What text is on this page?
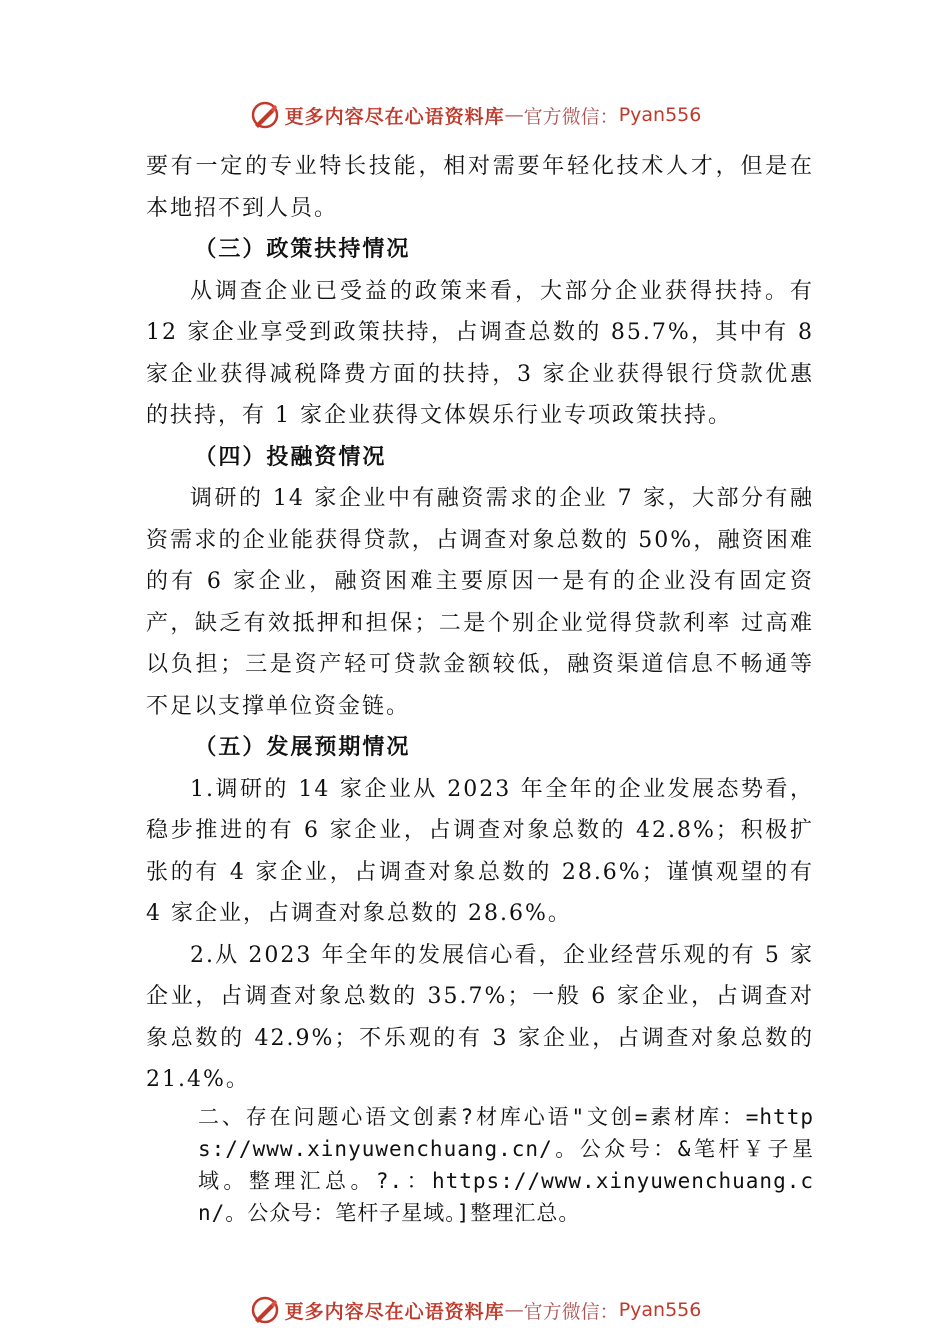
更多内容尽在心语资料库 — 官方微信： Pyan556

要有一定的专业特长技能，相对需要年轻化技术人才，但是在本地招不到人员。

（三）政策扶持情况

从调查企业已受益的政策来看，大部分企业获得扶持。有 12 家企业享受到政策扶持，占调查总数的 85.7%，其中有 8 家企业获得减税降费方面的扶持，3 家企业获得银行贷款优惠的扶持，有 1 家企业获得文体娱乐行业专项政策扶持。

（四）投融资情况

调研的 14 家企业中有融资需求的企业 7 家，大部分有融资需求的企业能获得贷款，占调查对象总数的 50%，融资困难的有 6 家企业，融资困难主要原因一是有的企业没有固定资产，缺乏有效抵押和担保；二是个别企业觉得贷款利率 过高难以负担；三是资产轻可贷款金额较低，融资渠道信息不畅通等不足以支撑单位资金链。

（五）发展预期情况

1.调研的 14 家企业从 2023 年全年的企业发展态势看，稳步推进的有 6 家企业，占调查对象总数的 42.8%；积极扩张的有 4 家企业，占调查对象总数的 28.6%；谨慎观望的有 4 家企业，占调查对象总数的 28.6%。

2.从 2023 年全年的发展信心看，企业经营乐观的有 5 家企业，占调查对象总数的 35.7%；一般 6 家企业，占调查对象总数的 42.9%；不乐观的有 3 家企业，占调查对象总数的 21.4%。

二、存在问题心语文创素?材库心语"文创=素材库：=https://www.xinyuwenchuang.cn/。公众号：&笔杆￥子星域。整理汇总。?.：https://www.xinyuwenchuang.cn/。公众号：笔杆子星域。]整理汇总。

更多内容尽在心语资料库 — 官方微信： Pyan556
